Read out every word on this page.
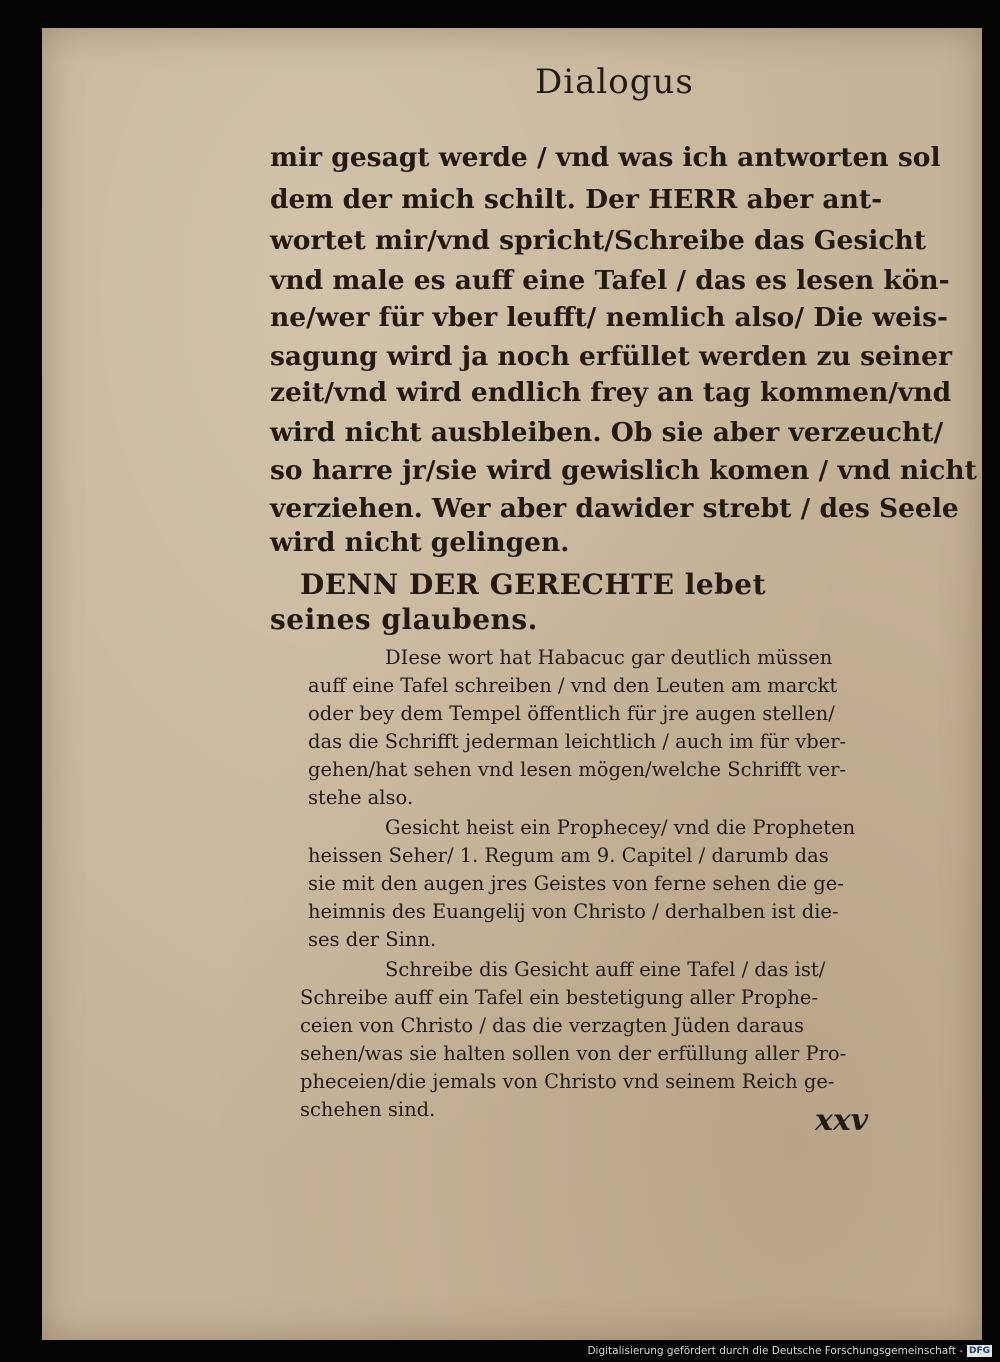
Dialogus
mir gesagt werde / vnd was ich antworten sol
dem der mich schilt. Der HERR aber ant-
wortet mir/vnd spricht/Schreibe das Gesicht
vnd male es auff eine Tafel / das es lesen kön-
ne/wer für vber leufft/ nemlich also/ Die weis-
sagung wird ja noch erfüllet werden zu seiner
zeit/vnd wird endlich frey an tag kommen/vnd
wird nicht ausbleiben. Ob sie aber verzeucht/
so harre jr/sie wird gewislich komen / vnd nicht
verziehen. Wer aber dawider strebt / des Seele
wird nicht gelingen.
DENN DER GERECHTE lebet
seines glaubens.
DIese wort hat Habacuc gar deutlich müssen
auff eine Tafel schreiben / vnd den Leuten am marckt
oder bey dem Tempel öffentlich für jre augen stellen/
das die Schrifft jederman leichtlich / auch im für vber-
gehen/hat sehen vnd lesen mögen/welche Schrifft ver-
stehe also.
Gesicht heist ein Prophecey/ vnd die Propheten
heissen Seher/ 1. Regum am 9. Capitel / darumb das
sie mit den augen jres Geistes von ferne sehen die ge-
heimnis des Euangelij von Christo / derhalben ist die-
ses der Sinn.
Schreibe dis Gesicht auff eine Tafel / das ist/
Schreibe auff ein Tafel ein bestetigung aller Prophe-
ceien von Christo / das die verzagten Jüden daraus
sehen/was sie halten sollen von der erfüllung aller Pro-
pheceien/die jemals von Christo vnd seinem Reich ge-
schehen sind.	xxv
Digitalisierung gefördert durch die Deutsche Forschungsgemeinschaft - DFG
